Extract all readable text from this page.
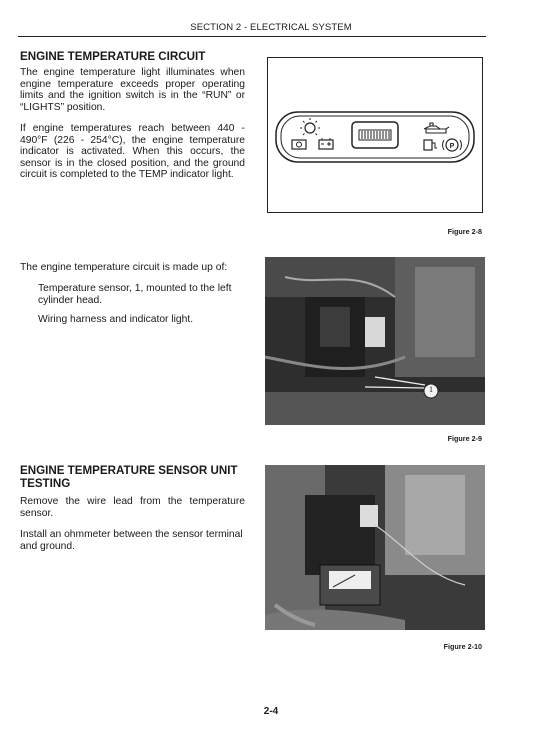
SECTION 2 - ELECTRICAL SYSTEM
ENGINE TEMPERATURE CIRCUIT

The engine temperature light illuminates when engine temperature exceeds proper operating limits and the ignition switch is in the “RUN” or “LIGHTS” position.

If engine temperatures reach between 440 - 490°F (226 - 254°C), the engine temperature indicator is activated. When this occurs, the sensor is in the closed position, and the ground circuit is completed to the TEMP indicator light.

P
Figure 2-8

The engine temperature circuit is made up of:

Temperature sensor, 1, mounted to the left cylinder head.

Wiring harness and indicator light.

1
Figure 2-9
ENGINE TEMPERATURE SENSOR UNIT TESTING

Remove the wire lead from the temperature sensor.

Install an ohmmeter between the sensor terminal and ground.

Figure 2-10
2-4
